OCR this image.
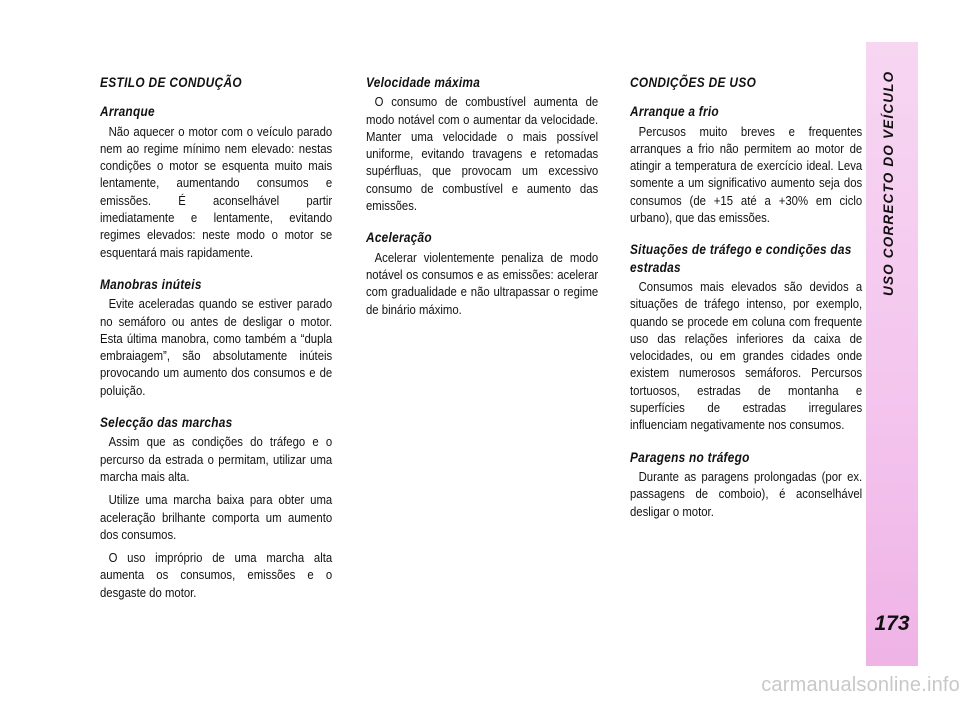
ESTILO DE CONDUÇÃO
Arranque

Não aquecer o motor com o veículo parado nem ao regime mínimo nem elevado: nestas condições o motor se esquenta muito mais lentamente, aumentando consumos e emissões. É aconselhável partir imediatamente e lentamente, evitando regimes elevados: neste modo o motor se esquentará mais rapidamente.

Manobras inúteis

Evite aceleradas quando se estiver parado no semáforo ou antes de desligar o motor. Esta última manobra, como também a “dupla embraiagem”, são absolutamente inúteis provocando um aumento dos consumos e de poluição.

Selecção das marchas

Assim que as condições do tráfego e o percurso da estrada o permitam, utilizar uma marcha mais alta.

Utilize uma marcha baixa para obter uma aceleração brilhante comporta um aumento dos consumos.

O uso impróprio de uma marcha alta aumenta os consumos, emissões e o desgaste do motor.

Velocidade máxima

O consumo de combustível aumenta de modo notável com o aumentar da velocidade. Manter uma velocidade o mais possível uniforme, evitando travagens e retomadas supérfluas, que provocam um excessivo consumo de combustível e aumento das emissões.

Aceleração

Acelerar violentemente penaliza de modo notável os consumos e as emissões: acelerar com gradualidade e não ultrapassar o regime de binário máximo.

CONDIÇÕES DE USO
Arranque a frio

Percusos muito breves e frequentes arranques a frio não permitem ao motor de atingir a temperatura de exercício ideal. Leva somente a um significativo aumento seja dos consumos (de +15 até a +30% em ciclo urbano), que das emissões.

Situações de tráfego e condições das estradas

Consumos mais elevados são devidos a situações de tráfego intenso, por exemplo, quando se procede em coluna com frequente uso das relações inferiores da caixa de velocidades, ou em grandes cidades onde existem numerosos semáforos. Percursos tortuosos, estradas de montanha e superfícies de estradas irregulares influenciam negativamente nos consumos.

Paragens no tráfego

Durante as paragens prolongadas (por ex. passagens de comboio), é aconselhável desligar o motor.

USO CORRECTO DO VEÍCULO
173
carmanualsonline.info
